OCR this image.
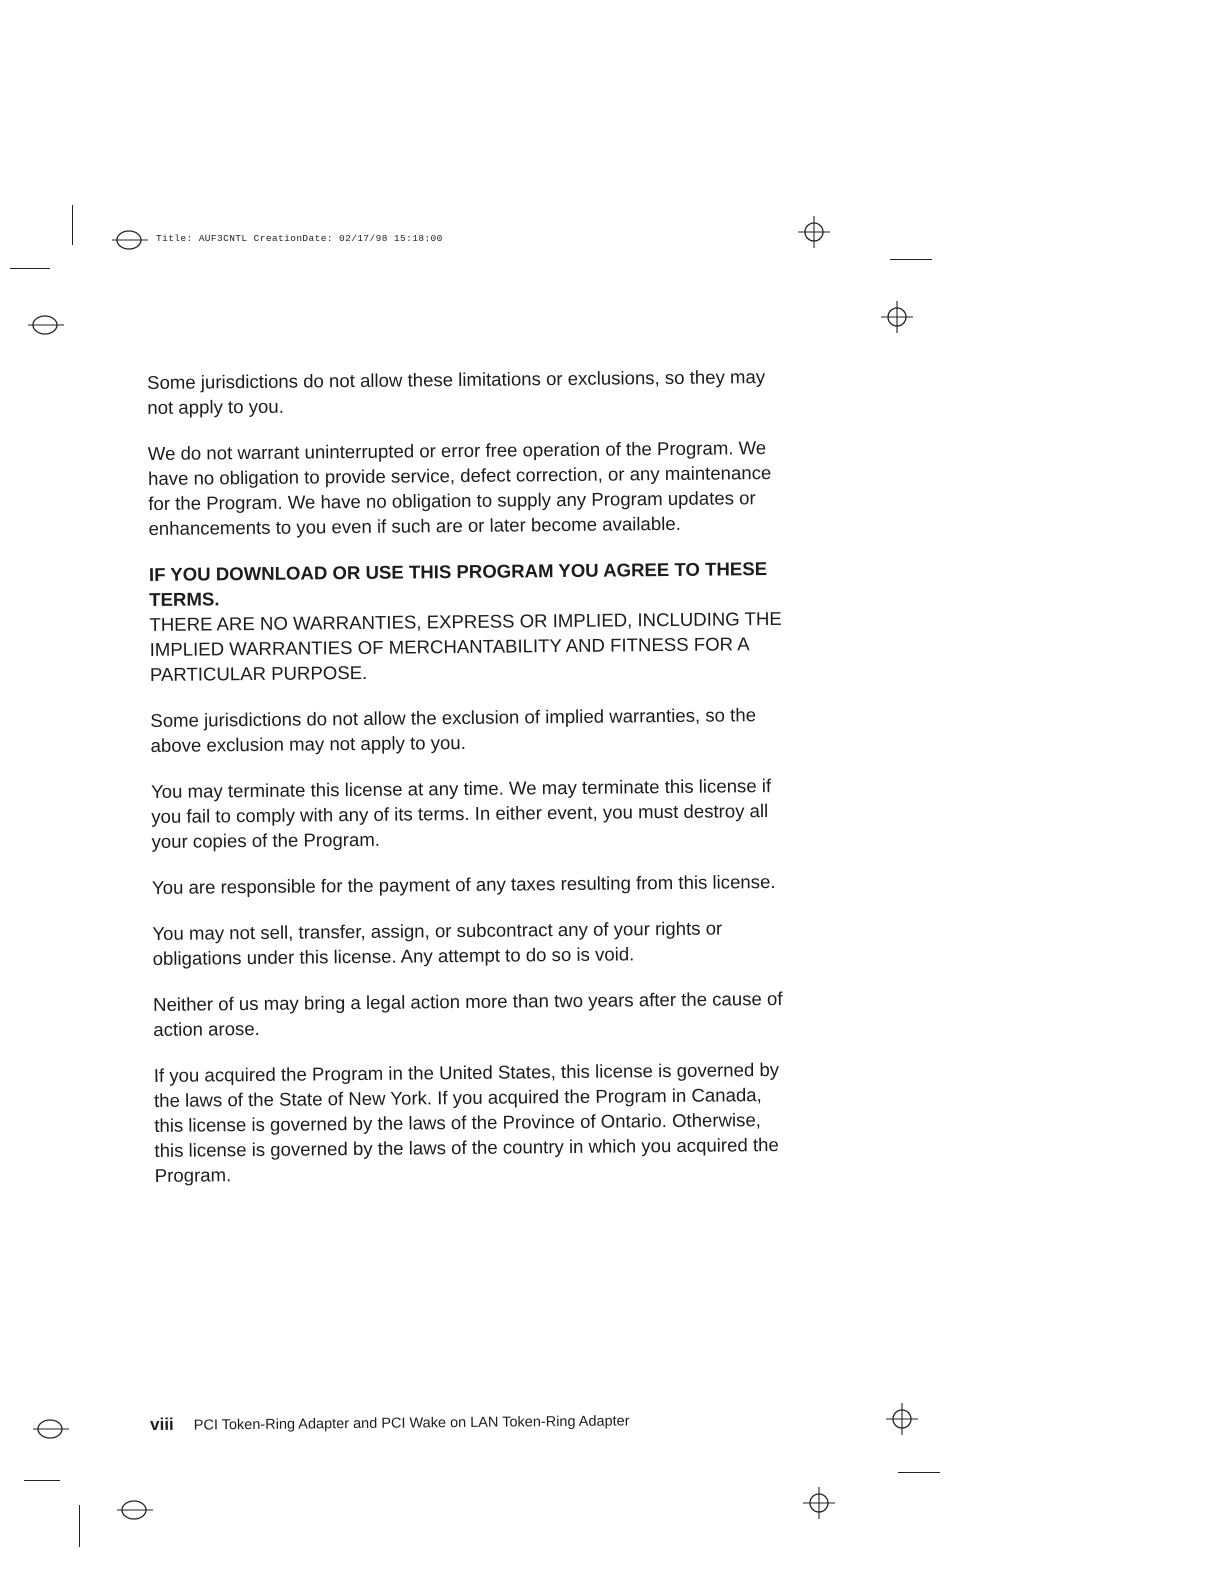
Title: AUF3CNTL CreationDate: 02/17/98 15:18:00

Some jurisdictions do not allow these limitations or exclusions, so they may not apply to you.

We do not warrant uninterrupted or error free operation of the Program. We have no obligation to provide service, defect correction, or any maintenance for the Program. We have no obligation to supply any Program updates or enhancements to you even if such are or later become available.

IF YOU DOWNLOAD OR USE THIS PROGRAM YOU AGREE TO THESE TERMS.

THERE ARE NO WARRANTIES, EXPRESS OR IMPLIED, INCLUDING THE IMPLIED WARRANTIES OF MERCHANTABILITY AND FITNESS FOR A PARTICULAR PURPOSE.

Some jurisdictions do not allow the exclusion of implied warranties, so the above exclusion may not apply to you.

You may terminate this license at any time. We may terminate this license if you fail to comply with any of its terms. In either event, you must destroy all your copies of the Program.

You are responsible for the payment of any taxes resulting from this license.

You may not sell, transfer, assign, or subcontract any of your rights or obligations under this license. Any attempt to do so is void.

Neither of us may bring a legal action more than two years after the cause of action arose.

If you acquired the Program in the United States, this license is governed by the laws of the State of New York. If you acquired the Program in Canada, this license is governed by the laws of the Province of Ontario. Otherwise, this license is governed by the laws of the country in which you acquired the Program.

viii PCI Token-Ring Adapter and PCI Wake on LAN Token-Ring Adapter
